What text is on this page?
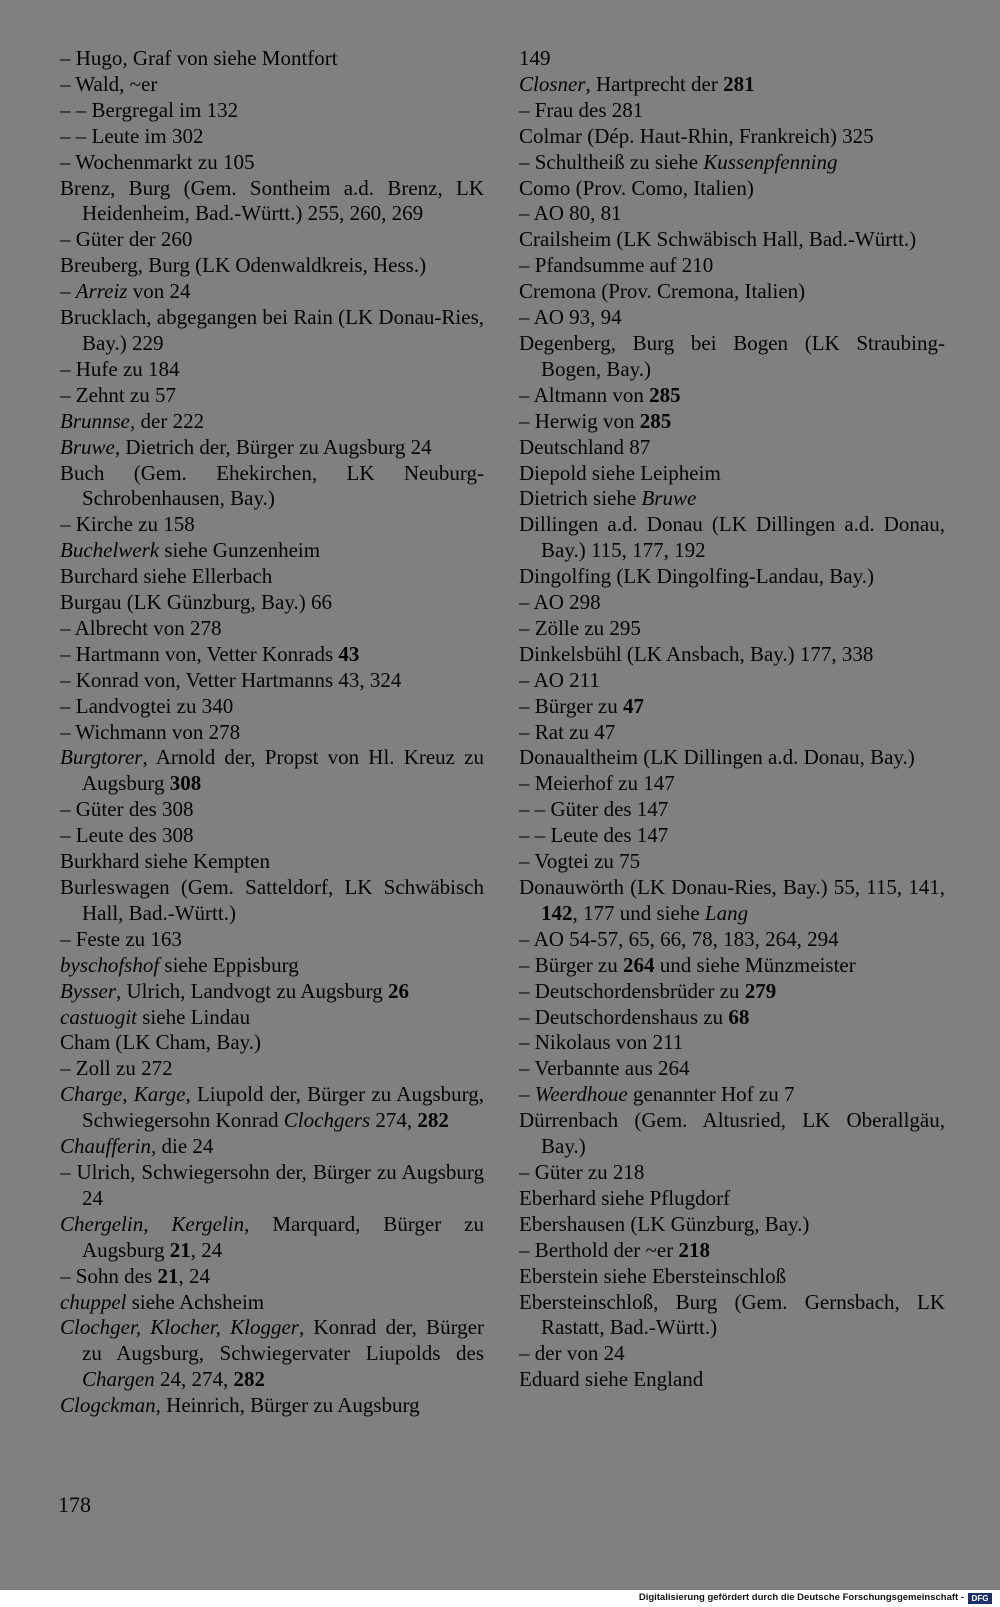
– Hugo, Graf von siehe Montfort
– Wald, ~er
– – Bergregal im 132
– – Leute im 302
– Wochenmarkt zu 105
Brenz, Burg (Gem. Sontheim a.d. Brenz, LK Heidenheim, Bad.-Württ.) 255, 260, 269
– Güter der 260
Breuberg, Burg (LK Odenwaldkreis, Hess.)
– Arreiz von 24
Brucklach, abgegangen bei Rain (LK Donau-Ries, Bay.) 229
– Hufe zu 184
– Zehnt zu 57
Brunnse, der 222
Bruwe, Dietrich der, Bürger zu Augsburg 24
Buch (Gem. Ehekirchen, LK Neuburg-Schrobenhausen, Bay.)
– Kirche zu 158
Buchelwerk siehe Gunzenheim
Burchard siehe Ellerbach
Burgau (LK Günzburg, Bay.) 66
– Albrecht von 278
– Hartmann von, Vetter Konrads 43
– Konrad von, Vetter Hartmanns 43, 324
– Landvogtei zu 340
– Wichmann von 278
Burgtorer, Arnold der, Propst von Hl. Kreuz zu Augsburg 308
– Güter des 308
– Leute des 308
Burkhard siehe Kempten
Burleswagen (Gem. Satteldorf, LK Schwäbisch Hall, Bad.-Württ.)
– Feste zu 163
byschofshof siehe Eppisburg
Bysser, Ulrich, Landvogt zu Augsburg 26
castuogit siehe Lindau
Cham (LK Cham, Bay.)
– Zoll zu 272
Charge, Karge, Liupold der, Bürger zu Augsburg, Schwiegersohn Konrad Clochgers 274, 282
Chaufferin, die 24
– Ulrich, Schwiegersohn der, Bürger zu Augsburg 24
Chergelin, Kergelin, Marquard, Bürger zu Augsburg 21, 24
– Sohn des 21, 24
chuppel siehe Achsheim
Clochger, Klocher, Klogger, Konrad der, Bürger zu Augsburg, Schwiegervater Liupolds des Chargen 24, 274, 282
Clogckman, Heinrich, Bürger zu Augsburg
149
Closner, Hartprecht der 281
– Frau des 281
Colmar (Dép. Haut-Rhin, Frankreich) 325
– Schultheiß zu siehe Kussenpfenning
Como (Prov. Como, Italien)
– AO 80, 81
Crailsheim (LK Schwäbisch Hall, Bad.-Württ.)
– Pfandsumme auf 210
Cremona (Prov. Cremona, Italien)
– AO 93, 94
Degenberg, Burg bei Bogen (LK Straubing-Bogen, Bay.)
– Altmann von 285
– Herwig von 285
Deutschland 87
Diepold siehe Leipheim
Dietrich siehe Bruwe
Dillingen a.d. Donau (LK Dillingen a.d. Donau, Bay.) 115, 177, 192
Dingolfing (LK Dingolfing-Landau, Bay.)
– AO 298
– Zölle zu 295
Dinkelsbühl (LK Ansbach, Bay.) 177, 338
– AO 211
– Bürger zu 47
– Rat zu 47
Donaualtheim (LK Dillingen a.d. Donau, Bay.)
– Meierhof zu 147
– – Güter des 147
– – Leute des 147
– Vogtei zu 75
Donauwörth (LK Donau-Ries, Bay.) 55, 115, 141, 142, 177 und siehe Lang
– AO 54-57, 65, 66, 78, 183, 264, 294
– Bürger zu 264 und siehe Münzmeister
– Deutschordensbrüder zu 279
– Deutschordenshaus zu 68
– Nikolaus von 211
– Verbannte aus 264
– Weerdhoue genannter Hof zu 7
Dürrenbach (Gem. Altusried, LK Oberallgäu, Bay.)
– Güter zu 218
Eberhard siehe Pflugdorf
Ebershausen (LK Günzburg, Bay.)
– Berthold der ~er 218
Eberstein siehe Ebersteinschloß
Ebersteinschloß, Burg (Gem. Gernsbach, LK Rastatt, Bad.-Württ.)
– der von 24
Eduard siehe England
178
Digitalisierung gefördert durch die Deutsche Forschungsgemeinschaft - DFG
